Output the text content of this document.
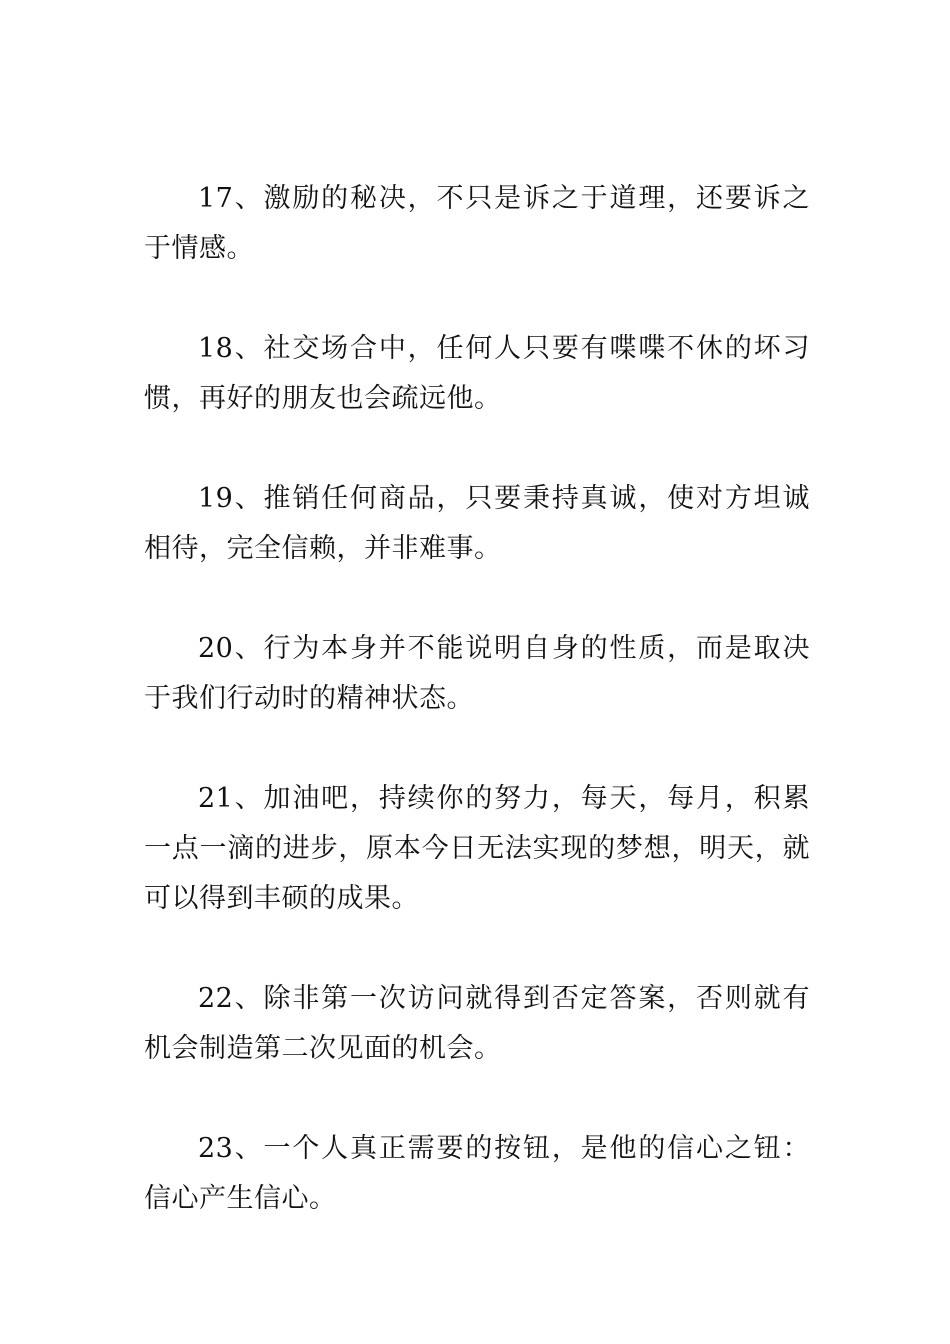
17、激励的秘决，不只是诉之于道理，还要诉之于情感。

18、社交场合中，任何人只要有喋喋不休的坏习惯，再好的朋友也会疏远他。

19、推销任何商品，只要秉持真诚，使对方坦诚相待，完全信赖，并非难事。

20、行为本身并不能说明自身的性质，而是取决于我们行动时的精神状态。

21、加油吧，持续你的努力，每天，每月，积累一点一滴的进步，原本今日无法实现的梦想，明天，就可以得到丰硕的成果。

22、除非第一次访问就得到否定答案，否则就有机会制造第二次见面的机会。

23、一个人真正需要的按钮，是他的信心之钮：信心产生信心。
